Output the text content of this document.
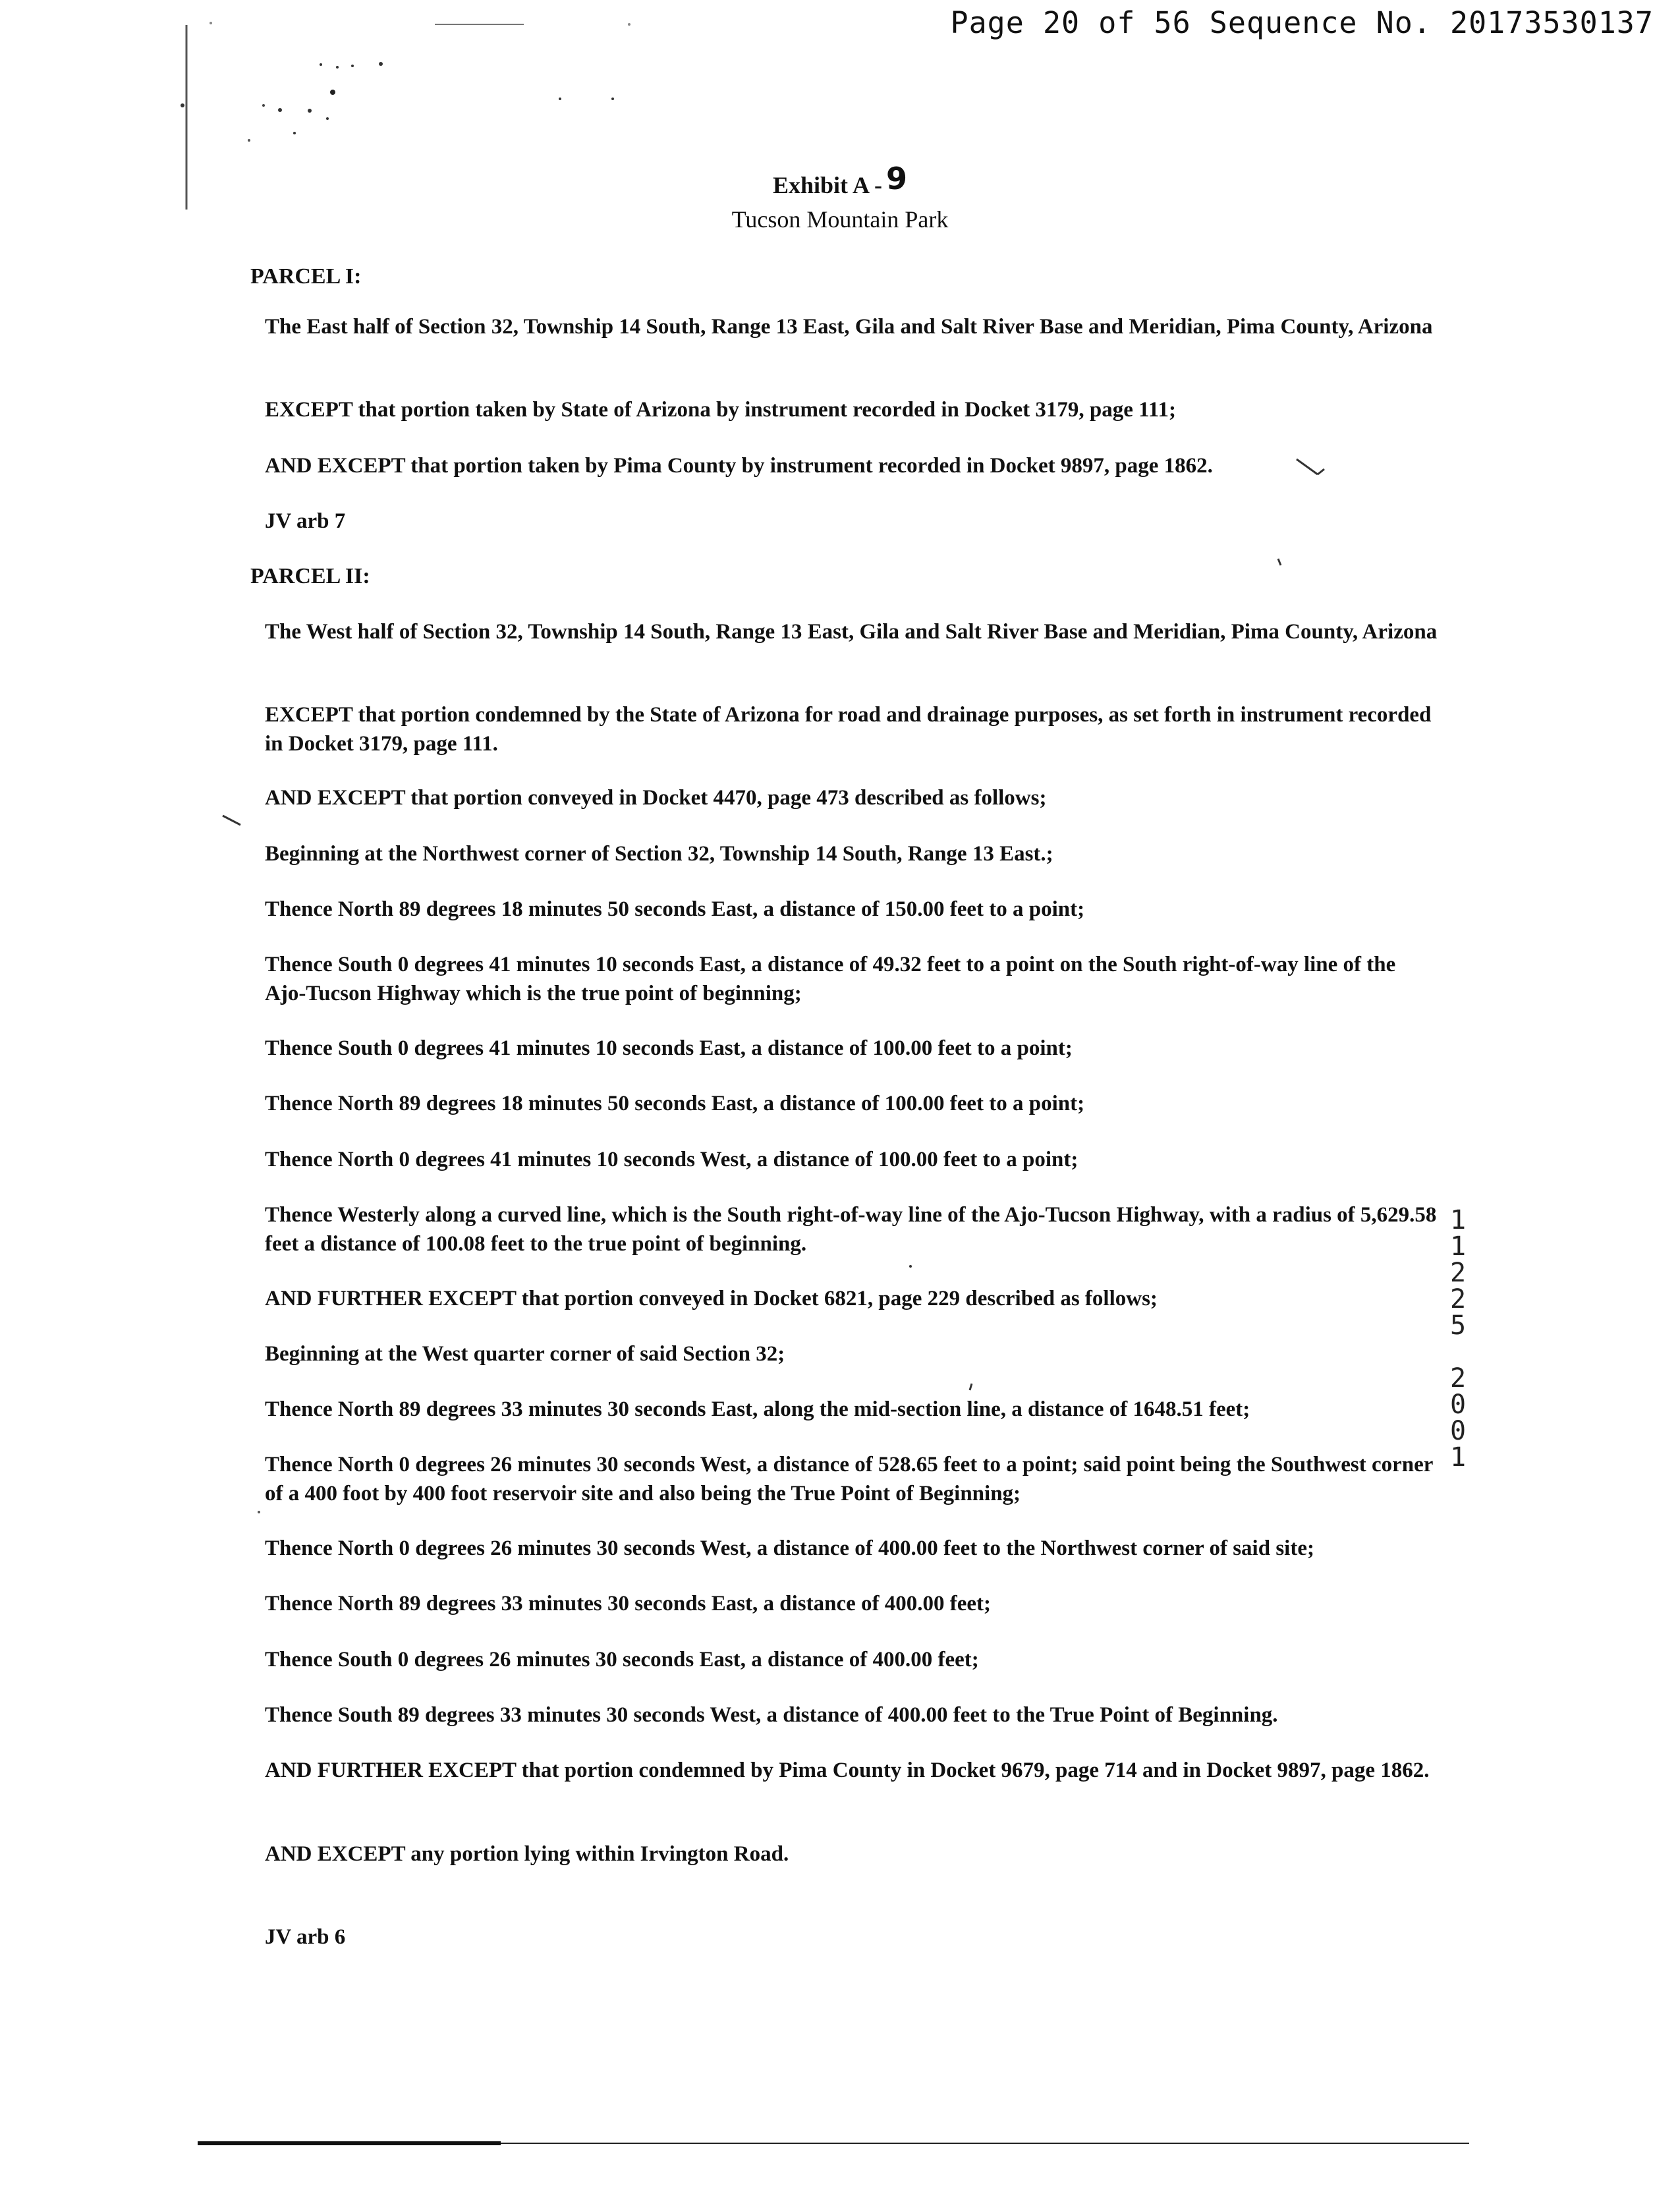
Page 20 of 56 Sequence No. 20173530137
Exhibit A - 9
Tucson Mountain Park

PARCEL I:

The East half of Section 32, Township 14 South, Range 13 East, Gila and Salt River Base and Meridian, Pima County, Arizona

EXCEPT that portion taken by State of Arizona by instrument recorded in Docket 3179, page 111;

AND EXCEPT that portion taken by Pima County by instrument recorded in Docket 9897, page 1862.

JV arb 7

PARCEL II:

The West half of Section 32, Township 14 South, Range 13 East, Gila and Salt River Base and Meridian, Pima County, Arizona

EXCEPT that portion condemned by the State of Arizona for road and drainage purposes, as set forth in instrument recorded in Docket 3179, page 111.

AND EXCEPT that portion conveyed in Docket 4470, page 473 described as follows;

Beginning at the Northwest corner of Section 32, Township 14 South, Range 13 East.;

Thence North 89 degrees 18 minutes 50 seconds East, a distance of 150.00 feet to a point;

Thence South 0 degrees 41 minutes 10 seconds East, a distance of 49.32 feet to a point on the South right-of-way line of the Ajo-Tucson Highway which is the true point of beginning;

Thence South 0 degrees 41 minutes 10 seconds East, a distance of 100.00 feet to a point;

Thence North 89 degrees 18 minutes 50 seconds East, a distance of 100.00 feet to a point;

Thence North 0 degrees 41 minutes 10 seconds West, a distance of 100.00 feet to a point;

Thence Westerly along a curved line, which is the South right-of-way line of the Ajo-Tucson Highway, with a radius of 5,629.58 feet a distance of 100.08 feet to the true point of beginning.

AND FURTHER EXCEPT that portion conveyed in Docket 6821, page 229 described as follows;

Beginning at the West quarter corner of said Section 32;

Thence North 89 degrees 33 minutes 30 seconds East, along the mid-section line, a distance of 1648.51 feet;

Thence North 0 degrees 26 minutes 30 seconds West, a distance of 528.65 feet to a point; said point being the Southwest corner of a 400 foot by 400 foot reservoir site and also being the True Point of Beginning;

Thence North 0 degrees 26 minutes 30 seconds West, a distance of 400.00 feet to the Northwest corner of said site;

Thence North 89 degrees 33 minutes 30 seconds East, a distance of 400.00 feet;

Thence South 0 degrees 26 minutes 30 seconds East, a distance of 400.00 feet;

Thence South 89 degrees 33 minutes 30 seconds West, a distance of 400.00 feet to the True Point of Beginning.

AND FURTHER EXCEPT that portion condemned by Pima County in Docket 9679, page 714 and in Docket 9897, page 1862.

AND EXCEPT any portion lying within Irvington Road.

JV arb 6

1
1
2
2
5

2
0
0
1
